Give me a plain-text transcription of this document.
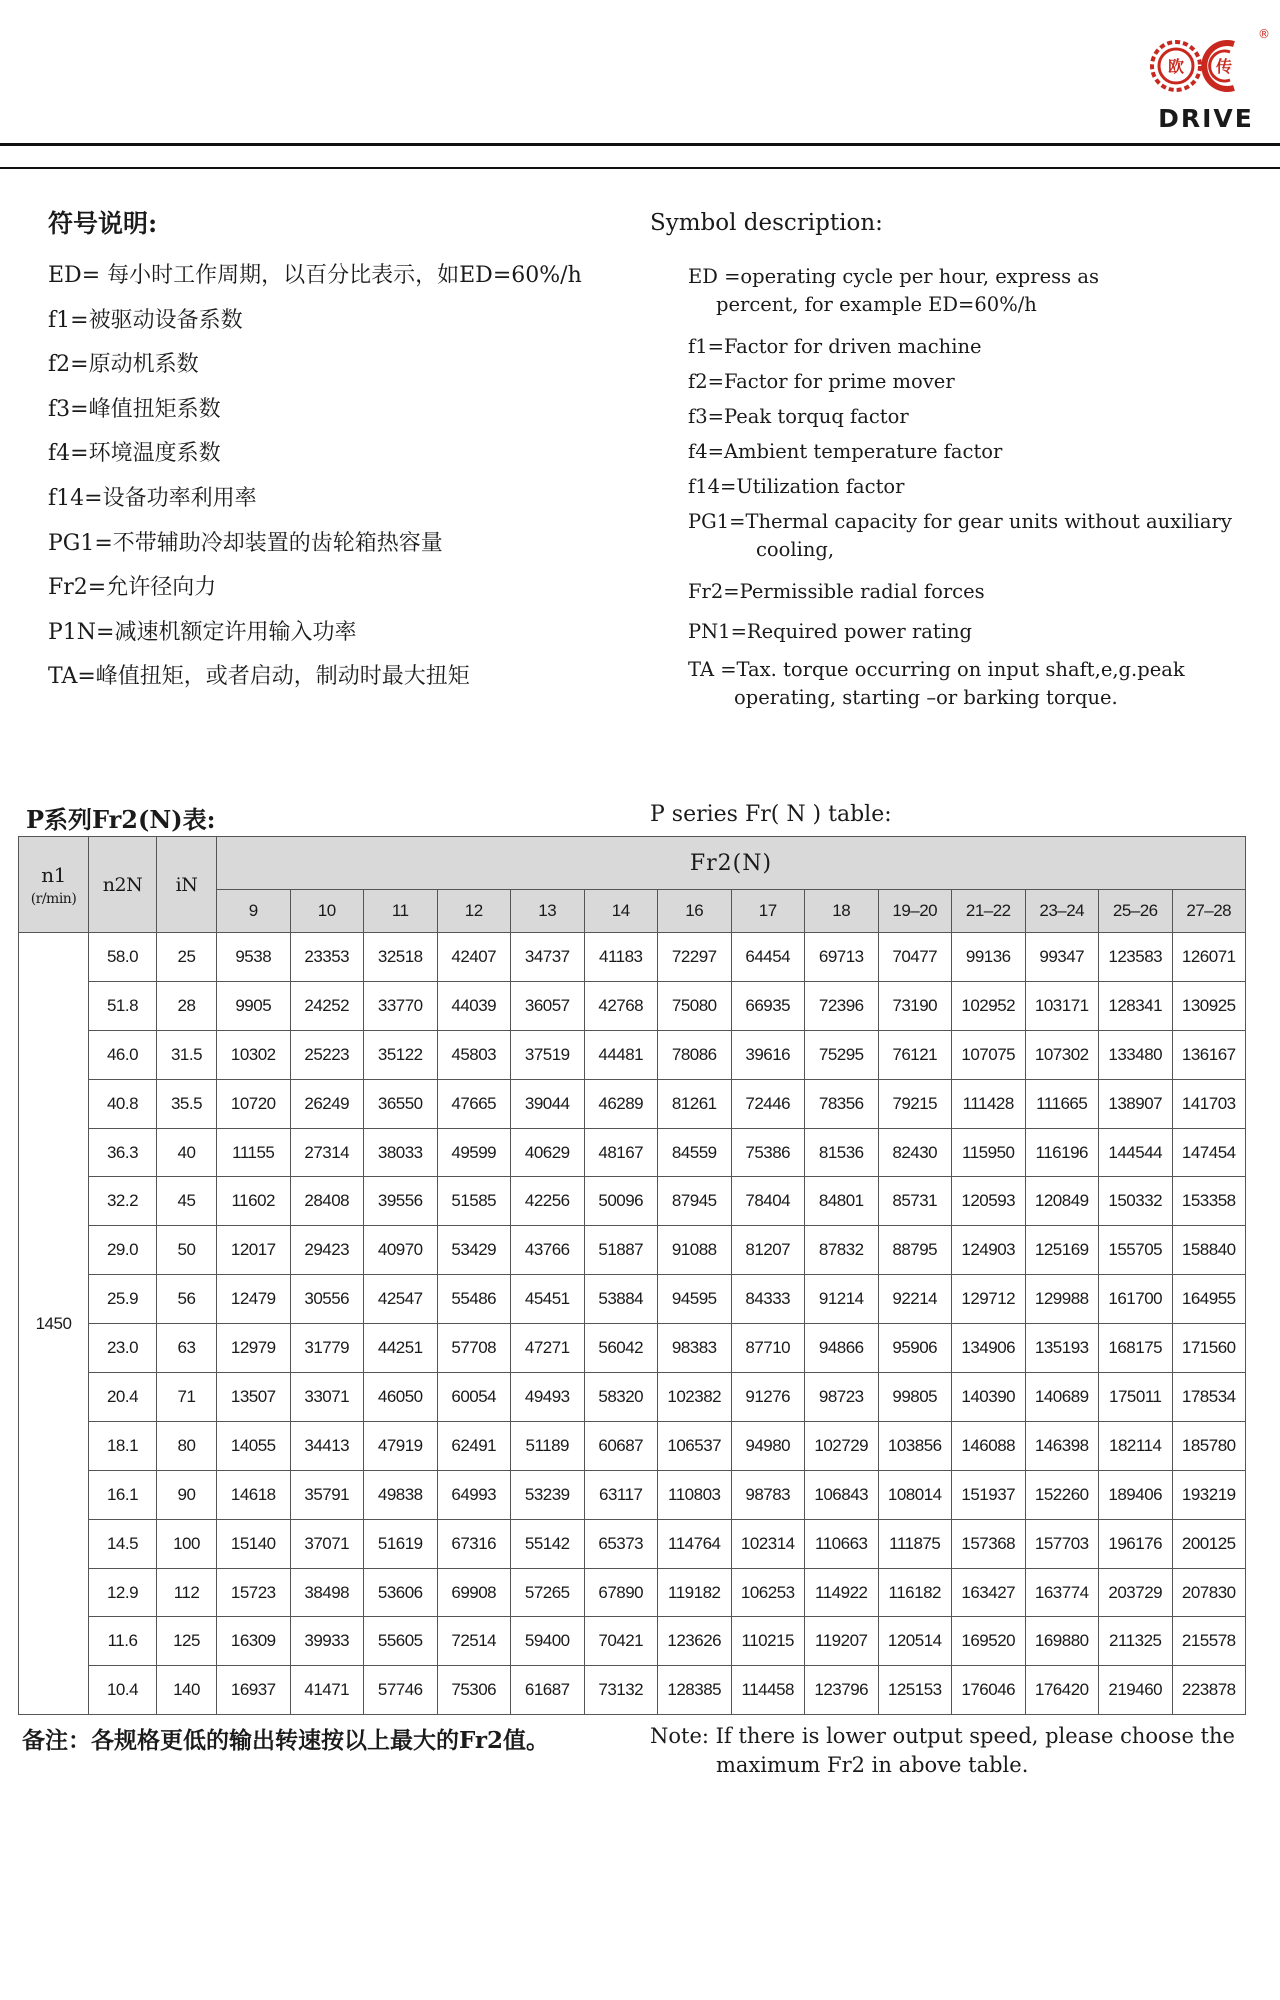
欧 传
®
DRIVE
符号说明:	Symbol description:
ED= 每小时工作周期，以百分比表示，如ED=60%/h
f1=被驱动设备系数
f2=原动机系数
f3=峰值扭矩系数
f4=环境温度系数
f14=设备功率利用率
PG1=不带辅助冷却装置的齿轮箱热容量
Fr2=允许径向力
P1N=减速机额定许用输入功率
TA=峰值扭矩，或者启动，制动时最大扭矩
ED =operating cycle per hour, express as
percent, for example ED=60%/h
f1=Factor for driven machine
f2=Factor for prime mover
f3=Peak torquq factor
f4=Ambient temperature factor
f14=Utilization factor
PG1=Thermal capacity for gear units without auxiliary
cooling,
Fr2=Permissible radial forces
PN1=Required power rating
TA =Tax. torque occurring on input shaft,e,g.peak
operating, starting –or barking torque.
P系列Fr2(N)表:	P series Fr( N ) table:
n1
(r/min)	n2N	iN	Fr2(N)													
			9	10	11	12	13	14	16	17	18	19–20	21–22	23–24	25–26	27–28
1450	58.0	25	9538	23353	32518	42407	34737	41183	72297	64454	69713	70477	99136	99347	123583	126071
	51.8	28	9905	24252	33770	44039	36057	42768	75080	66935	72396	73190	102952	103171	128341	130925
	46.0	31.5	10302	25223	35122	45803	37519	44481	78086	39616	75295	76121	107075	107302	133480	136167
	40.8	35.5	10720	26249	36550	47665	39044	46289	81261	72446	78356	79215	111428	111665	138907	141703
	36.3	40	11155	27314	38033	49599	40629	48167	84559	75386	81536	82430	115950	116196	144544	147454
	32.2	45	11602	28408	39556	51585	42256	50096	87945	78404	84801	85731	120593	120849	150332	153358
	29.0	50	12017	29423	40970	53429	43766	51887	91088	81207	87832	88795	124903	125169	155705	158840
	25.9	56	12479	30556	42547	55486	45451	53884	94595	84333	91214	92214	129712	129988	161700	164955
	23.0	63	12979	31779	44251	57708	47271	56042	98383	87710	94866	95906	134906	135193	168175	171560
	20.4	71	13507	33071	46050	60054	49493	58320	102382	91276	98723	99805	140390	140689	175011	178534
	18.1	80	14055	34413	47919	62491	51189	60687	106537	94980	102729	103856	146088	146398	182114	185780
	16.1	90	14618	35791	49838	64993	53239	63117	110803	98783	106843	108014	151937	152260	189406	193219
	14.5	100	15140	37071	51619	67316	55142	65373	114764	102314	110663	111875	157368	157703	196176	200125
	12.9	112	15723	38498	53606	69908	57265	67890	119182	106253	114922	116182	163427	163774	203729	207830
	11.6	125	16309	39933	55605	72514	59400	70421	123626	110215	119207	120514	169520	169880	211325	215578
	10.4	140	16937	41471	57746	75306	61687	73132	128385	114458	123796	125153	176046	176420	219460	223878
备注：各规格更低的输出转速按以上最大的Fr2值。	Note: If there is lower output speed, please choose the
maximum Fr2 in above table.
